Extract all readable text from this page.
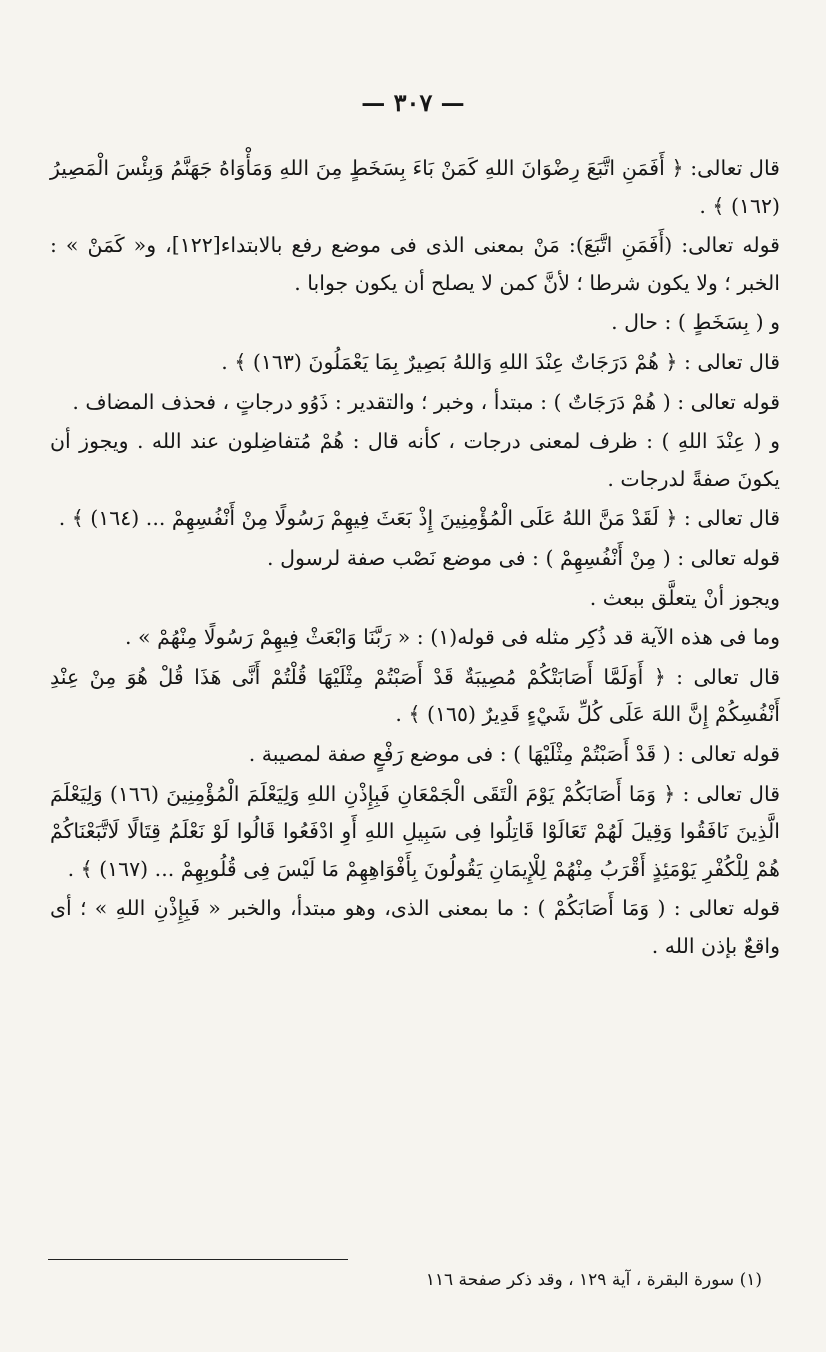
— ٣٠٧ —

قال تعالى: ﴿ أَفَمَنِ اتَّبَعَ رِضْوَانَ اللهِ كَمَنْ بَاءَ بِسَخَطٍ مِنَ اللهِ وَمَأْوَاهُ جَهَنَّمُ وَبِئْسَ الْمَصِيرُ (١٦٢) ﴾ .

قوله تعالى: (أَفَمَنِ اتَّبَعَ): مَنْ بمعنى الذى فى موضع رفع بالابتداء[١٢٢]، و« كَمَنْ » : الخبر ؛ ولا يكون شرطا ؛ لأنَّ كمن لا يصلح أن يكون جوابا .

و ( بِسَخَطٍ ) : حال .

قال تعالى : ﴿ هُمْ دَرَجَاتٌ عِنْدَ اللهِ وَاللهُ بَصِيرٌ بِمَا يَعْمَلُونَ (١٦٣) ﴾ .

قوله تعالى : ( هُمْ دَرَجَاتٌ ) : مبتدأ ، وخبر ؛ والتقدير : ذَوُو درجاتٍ ، فحذف المضاف .

و ( عِنْدَ اللهِ ) : ظرف لمعنى درجات ، كأنه قال : هُمْ مُتفاضِلون عند الله . ويجوز أن يكونَ صفةً لدرجات .

قال تعالى : ﴿ لَقَدْ مَنَّ اللهُ عَلَى الْمُؤْمِنِينَ إِذْ بَعَثَ فِيهِمْ رَسُولًا مِنْ أَنْفُسِهِمْ ... (١٦٤) ﴾ .

قوله تعالى : ( مِنْ أَنْفُسِهِمْ ) : فى موضع نَصْب صفة لرسول .

ويجوز أنْ يتعلَّق ببعث .

وما فى هذه الآية قد ذُكِر مثله فى قوله(١) : « رَبَّنَا وَابْعَثْ فِيهِمْ رَسُولًا مِنْهُمْ » .

قال تعالى : ﴿ أَوَلَمَّا أَصَابَتْكُمْ مُصِيبَةٌ قَدْ أَصَبْتُمْ مِثْلَيْهَا قُلْتُمْ أَنَّى هَذَا قُلْ هُوَ مِنْ عِنْدِ أَنْفُسِكُمْ إِنَّ اللهَ عَلَى كُلِّ شَيْءٍ قَدِيرٌ (١٦٥) ﴾ .

قوله تعالى : ( قَدْ أَصَبْتُمْ مِثْلَيْهَا ) : فى موضع رَفْعٍ صفة لمصيبة .

قال تعالى : ﴿ وَمَا أَصَابَكُمْ يَوْمَ الْتَقَى الْجَمْعَانِ فَبِإِذْنِ اللهِ وَلِيَعْلَمَ الْمُؤْمِنِينَ (١٦٦) وَلِيَعْلَمَ الَّذِينَ نَافَقُوا وَقِيلَ لَهُمْ تَعَالَوْا قَاتِلُوا فِى سَبِيلِ اللهِ أَوِ ادْفَعُوا قَالُوا لَوْ نَعْلَمُ قِتَالًا لَاتَّبَعْنَاكُمْ هُمْ لِلْكُفْرِ يَوْمَئِذٍ أَقْرَبُ مِنْهُمْ لِلْإِيمَانِ يَقُولُونَ بِأَفْوَاهِهِمْ مَا لَيْسَ فِى قُلُوبِهِمْ ... (١٦٧) ﴾ .

قوله تعالى : ( وَمَا أَصَابَكُمْ ) : ما بمعنى الذى، وهو مبتدأ، والخبر « فَبِإِذْنِ اللهِ » ؛ أى واقعٌ بإذن الله .

(١) سورة البقرة ، آية ١٢٩ ، وقد ذكر صفحة ١١٦
